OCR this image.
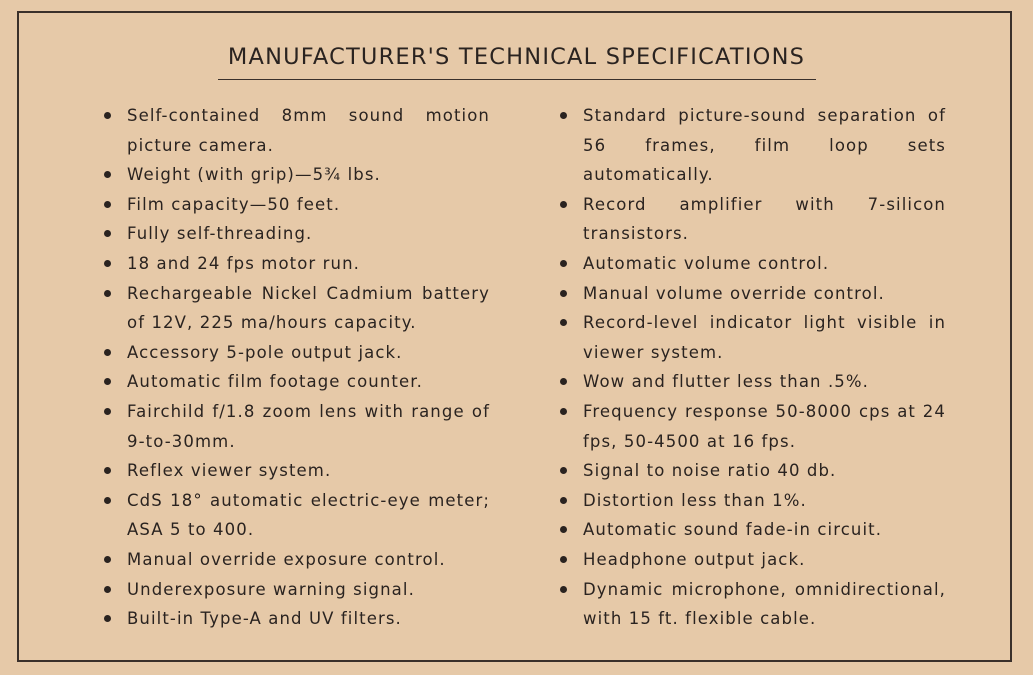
MANUFACTURER'S TECHNICAL SPECIFICATIONS
Self-contained 8mm sound motion picture camera.
Weight (with grip)—5¾ lbs.
Film capacity—50 feet.
Fully self-threading.
18 and 24 fps motor run.
Rechargeable Nickel Cadmium battery of 12V, 225 ma/hours capacity.
Accessory 5-pole output jack.
Automatic film footage counter.
Fairchild f/1.8 zoom lens with range of 9-to-30mm.
Reflex viewer system.
CdS 18° automatic electric-eye meter; ASA 5 to 400.
Manual override exposure control.
Underexposure warning signal.
Built-in Type-A and UV filters.
Standard picture-sound separation of 56 frames, film loop sets automatically.
Record amplifier with 7-silicon transistors.
Automatic volume control.
Manual volume override control.
Record-level indicator light visible in viewer system.
Wow and flutter less than .5%.
Frequency response 50-8000 cps at 24 fps, 50-4500 at 16 fps.
Signal to noise ratio 40 db.
Distortion less than 1%.
Automatic sound fade-in circuit.
Headphone output jack.
Dynamic microphone, omnidirectional, with 15 ft. flexible cable.
